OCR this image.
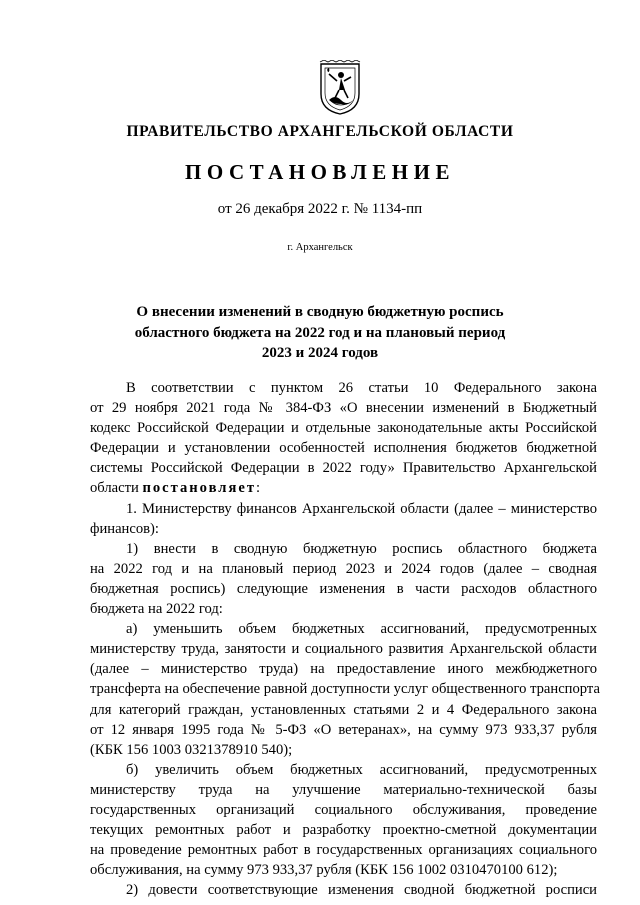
ПРАВИТЕЛЬСТВО АРХАНГЕЛЬСКОЙ ОБЛАСТИ
ПОСТАНОВЛЕНИЕ
от 26 декабря 2022 г. № 1134-пп
г. Архангельск
О внесении изменений в сводную бюджетную роспись
областного бюджета на 2022 год и на плановый период
2023 и 2024 годов
В соответствии с пунктом 26 статьи 10 Федерального закона
от 29 ноября 2021 года № 384-ФЗ «О внесении изменений в Бюджетный
кодекс Российской Федерации и отдельные законодательные акты Российской
Федерации и установлении особенностей исполнения бюджетов бюджетной
системы Российской Федерации в 2022 году» Правительство Архангельской
области постановляет:
1. Министерству финансов Архангельской области (далее – министерство
финансов):
1) внести в сводную бюджетную роспись областного бюджета
на 2022 год и на плановый период 2023 и 2024 годов (далее – сводная
бюджетная роспись) следующие изменения в части расходов областного
бюджета на 2022 год:
а) уменьшить объем бюджетных ассигнований, предусмотренных
министерству труда, занятости и социального развития Архангельской области
(далее – министерство труда) на предоставление иного межбюджетного
трансферта на обеспечение равной доступности услуг общественного транспорта
для категорий граждан, установленных статьями 2 и 4 Федерального закона
от 12 января 1995 года № 5-ФЗ «О ветеранах», на сумму 973 933,37 рубля
(КБК 156 1003 0321378910 540);
б) увеличить объем бюджетных ассигнований, предусмотренных
министерству труда на улучшение материально-технической базы
государственных организаций социального обслуживания, проведение
текущих ремонтных работ и разработку проектно-сметной документации
на проведение ремонтных работ в государственных организациях социального
обслуживания, на сумму 973 933,37 рубля (КБК 156 1002 0310470100 612);
2) довести соответствующие изменения сводной бюджетной росписи
